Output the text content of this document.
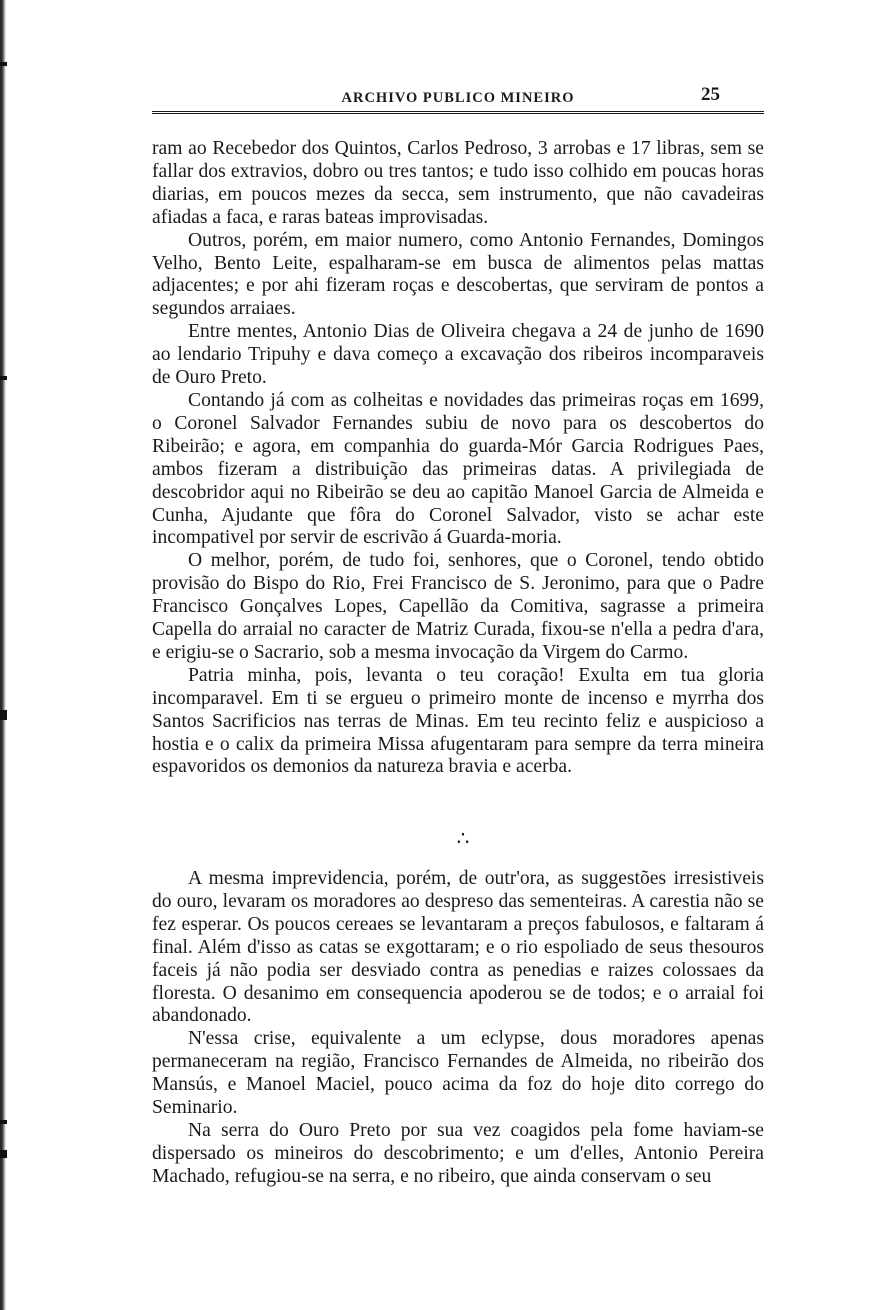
ARCHIVO PUBLICO MINEIRO	25

ram ao Recebedor dos Quintos, Carlos Pedroso, 3 arrobas e 17 libras, sem se fallar dos extravios, dobro ou tres tantos; e tudo isso colhido em poucas horas diarias, em poucos mezes da secca, sem instrumento, que não cavadeiras afiadas a faca, e raras bateas improvisadas.

Outros, porém, em maior numero, como Antonio Fernandes, Domingos Velho, Bento Leite, espalharam-se em busca de alimentos pelas mattas adjacentes; e por ahi fizeram roças e descobertas, que serviram de pontos a segundos arraiaes.

Entre mentes, Antonio Dias de Oliveira chegava a 24 de junho de 1690 ao lendario Tripuhy e dava começo a excavação dos ribeiros incomparaveis de Ouro Preto.

Contando já com as colheitas e novidades das primeiras roças em 1699, o Coronel Salvador Fernandes subiu de novo para os descobertos do Ribeirão; e agora, em companhia do guarda-Mór Garcia Rodrigues Paes, ambos fizeram a distribuição das primeiras datas. A privilegiada de descobridor aqui no Ribeirão se deu ao capitão Manoel Garcia de Almeida e Cunha, Ajudante que fôra do Coronel Salvador, visto se achar este incompativel por servir de escrivão á Guarda-moria.

O melhor, porém, de tudo foi, senhores, que o Coronel, tendo obtido provisão do Bispo do Rio, Frei Francisco de S. Jeronimo, para que o Padre Francisco Gonçalves Lopes, Capellão da Comitiva, sagrasse a primeira Capella do arraial no caracter de Matriz Curada, fixou-se n'ella a pedra d'ara, e erigiu-se o Sacrario, sob a mesma invocação da Virgem do Carmo.

Patria minha, pois, levanta o teu coração! Exulta em tua gloria incomparavel. Em ti se ergueu o primeiro monte de incenso e myrrha dos Santos Sacrificios nas terras de Minas. Em teu recinto feliz e auspicioso a hostia e o calix da primeira Missa afugentaram para sempre da terra mineira espavoridos os demonios da natureza bravia e acerba.

∴

A mesma imprevidencia, porém, de outr'ora, as suggestões irresistiveis do ouro, levaram os moradores ao despreso das sementeiras. A carestia não se fez esperar. Os poucos cereaes se levantaram a preços fabulosos, e faltaram á final. Além d'isso as catas se exgottaram; e o rio espoliado de seus thesouros faceis já não podia ser desviado contra as penedias e raizes colossaes da floresta. O desanimo em consequencia apoderou se de todos; e o arraial foi abandonado.

N'essa crise, equivalente a um eclypse, dous moradores apenas permaneceram na região, Francisco Fernandes de Almeida, no ribeirão dos Mansús, e Manoel Maciel, pouco acima da foz do hoje dito corrego do Seminario.

Na serra do Ouro Preto por sua vez coagidos pela fome haviam-se dispersado os mineiros do descobrimento; e um d'elles, Antonio Pereira Machado, refugiou-se na serra, e no ribeiro, que ainda conservam o seu
